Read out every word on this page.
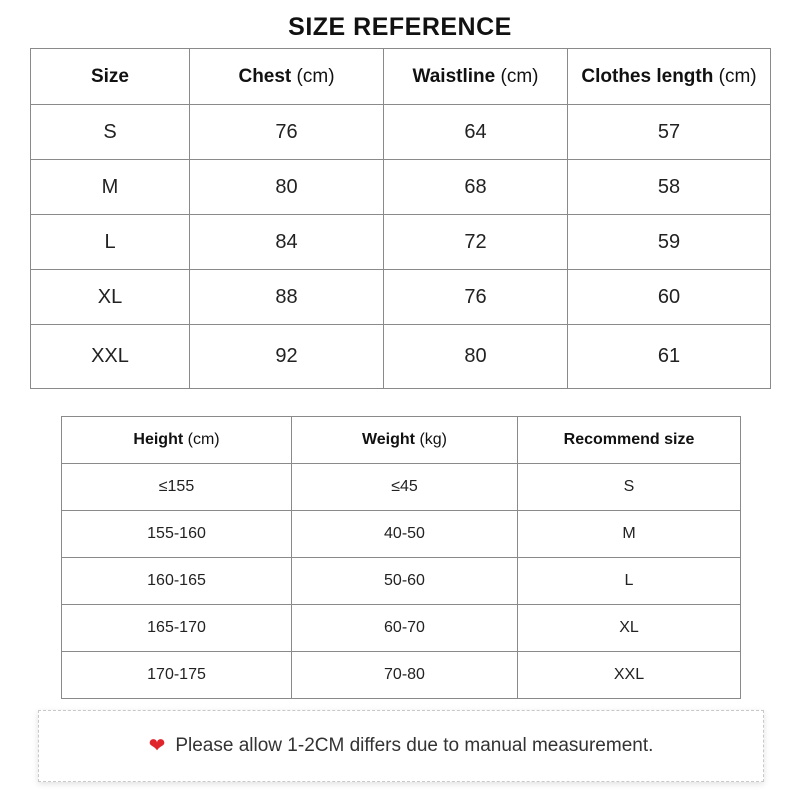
SIZE REFERENCE
Size	Chest (cm)	Waistline (cm)	Clothes length (cm)
S	76	64	57
M	80	68	58
L	84	72	59
XL	88	76	60
XXL	92	80	61
Height (cm)	Weight (kg)	Recommend size
≤155	≤45	S
155-160	40-50	M
160-165	50-60	L
165-170	60-70	XL
170-175	70-80	XXL
❤ Please allow 1-2CM differs due to manual measurement.
